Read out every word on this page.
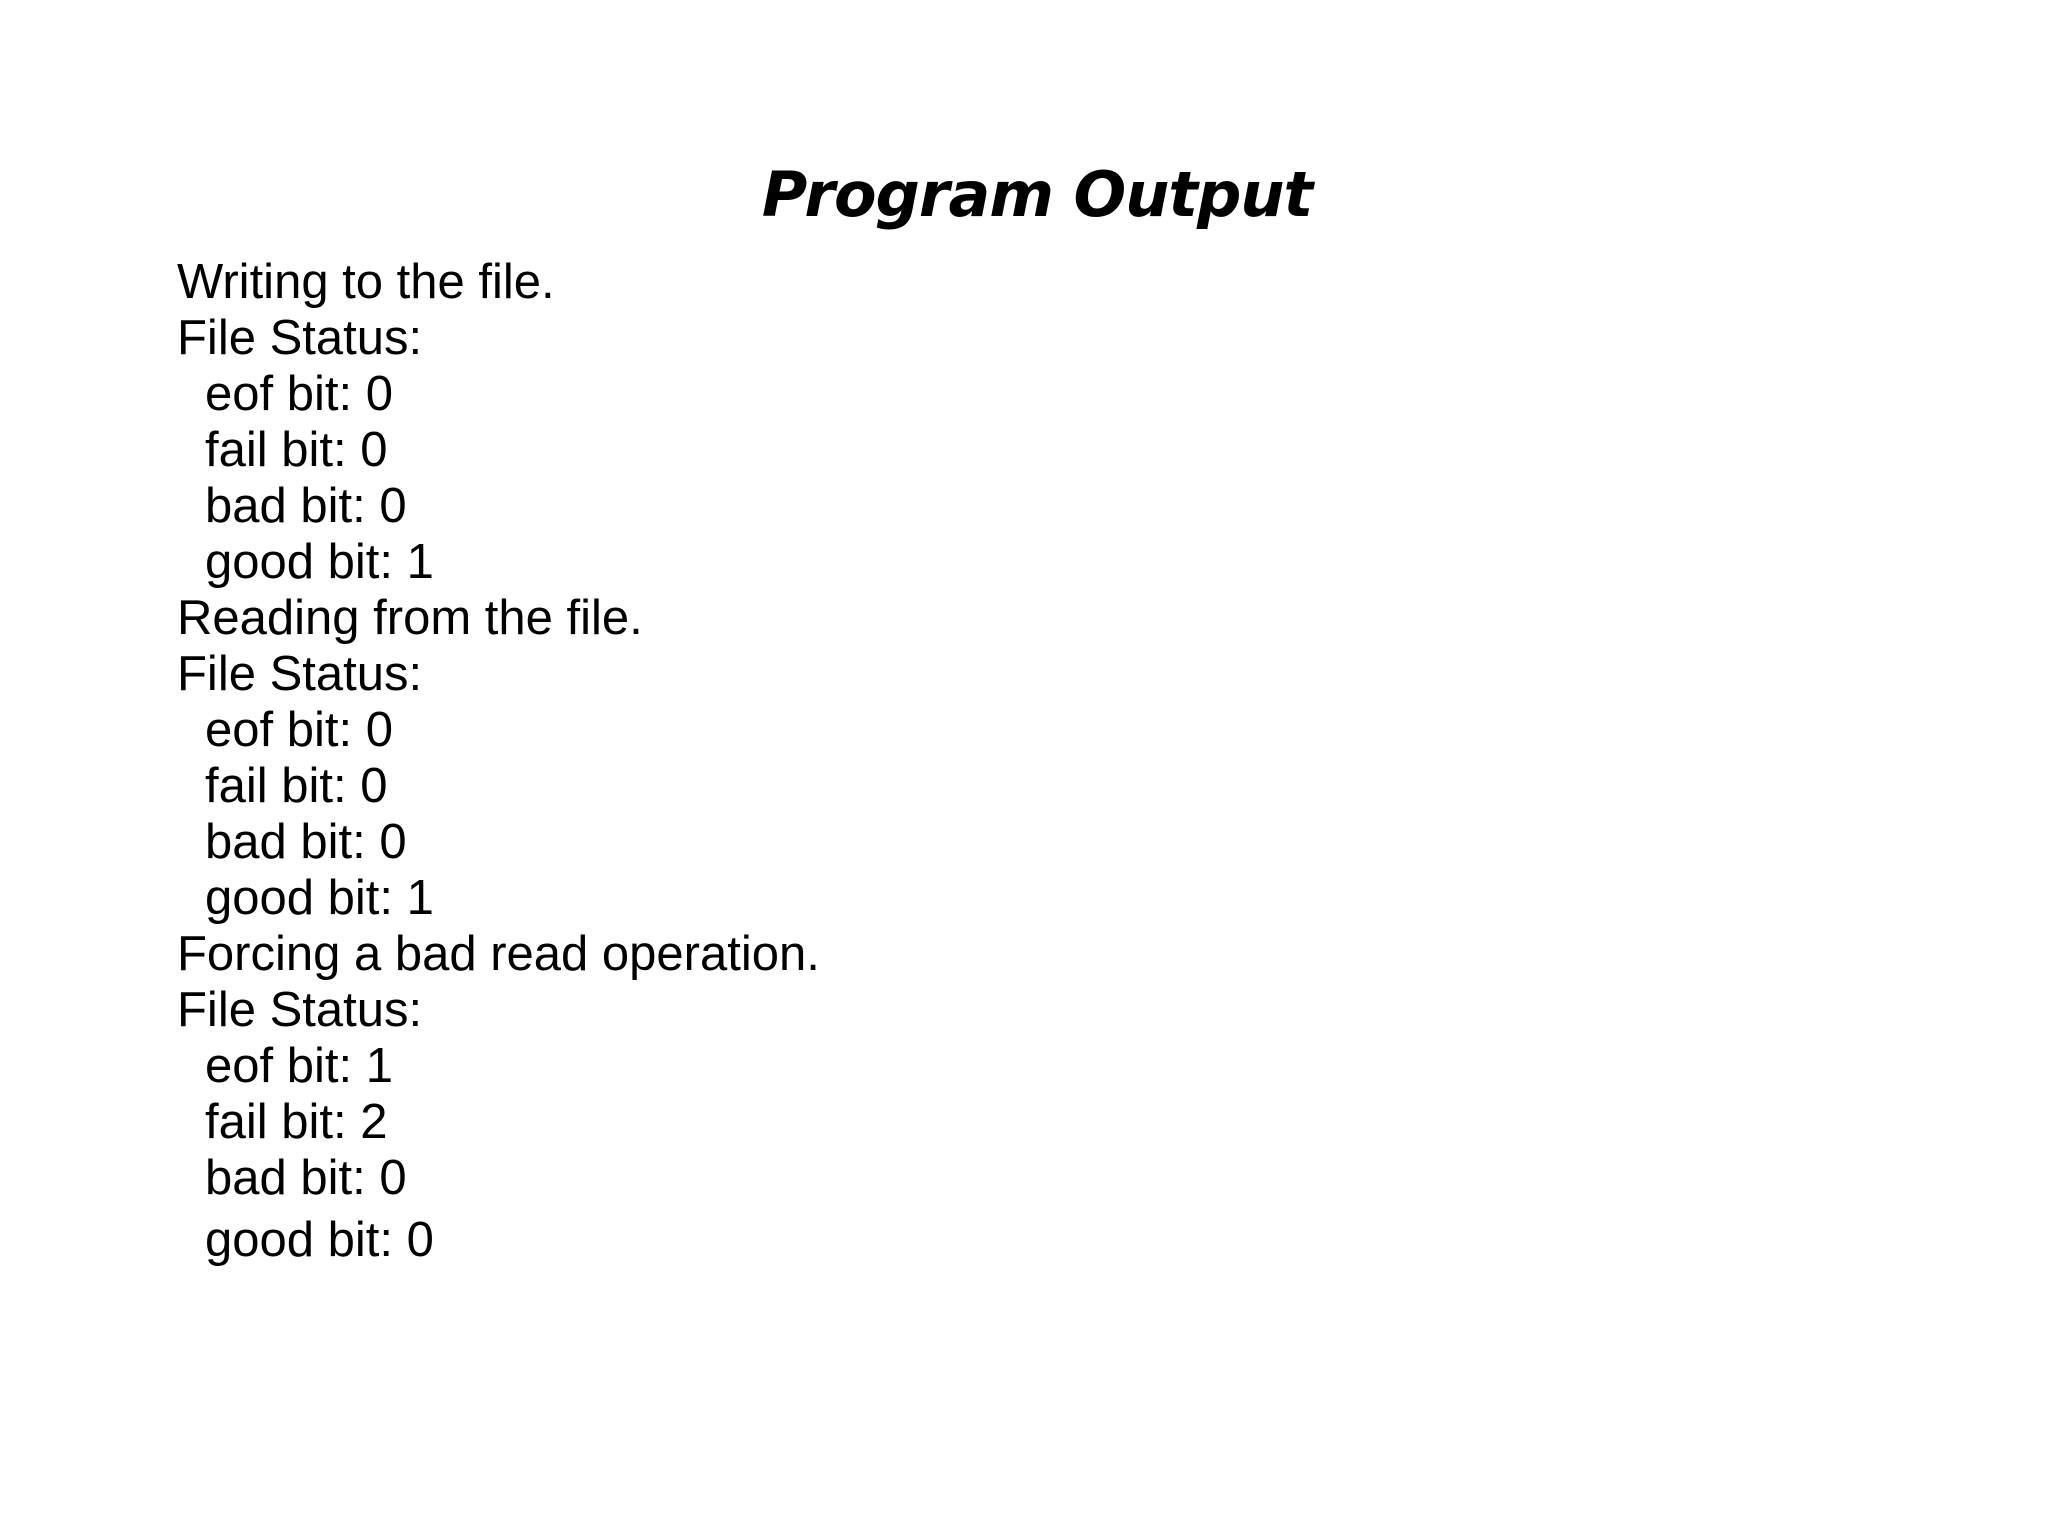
Program Output
Writing to the file.
File Status:
eof bit: 0
fail bit: 0
bad bit: 0
good bit: 1
Reading from the file.
File Status:
eof bit: 0
fail bit: 0
bad bit: 0
good bit: 1
Forcing a bad read operation.
File Status:
eof bit: 1
fail bit: 2
bad bit: 0
good bit: 0
